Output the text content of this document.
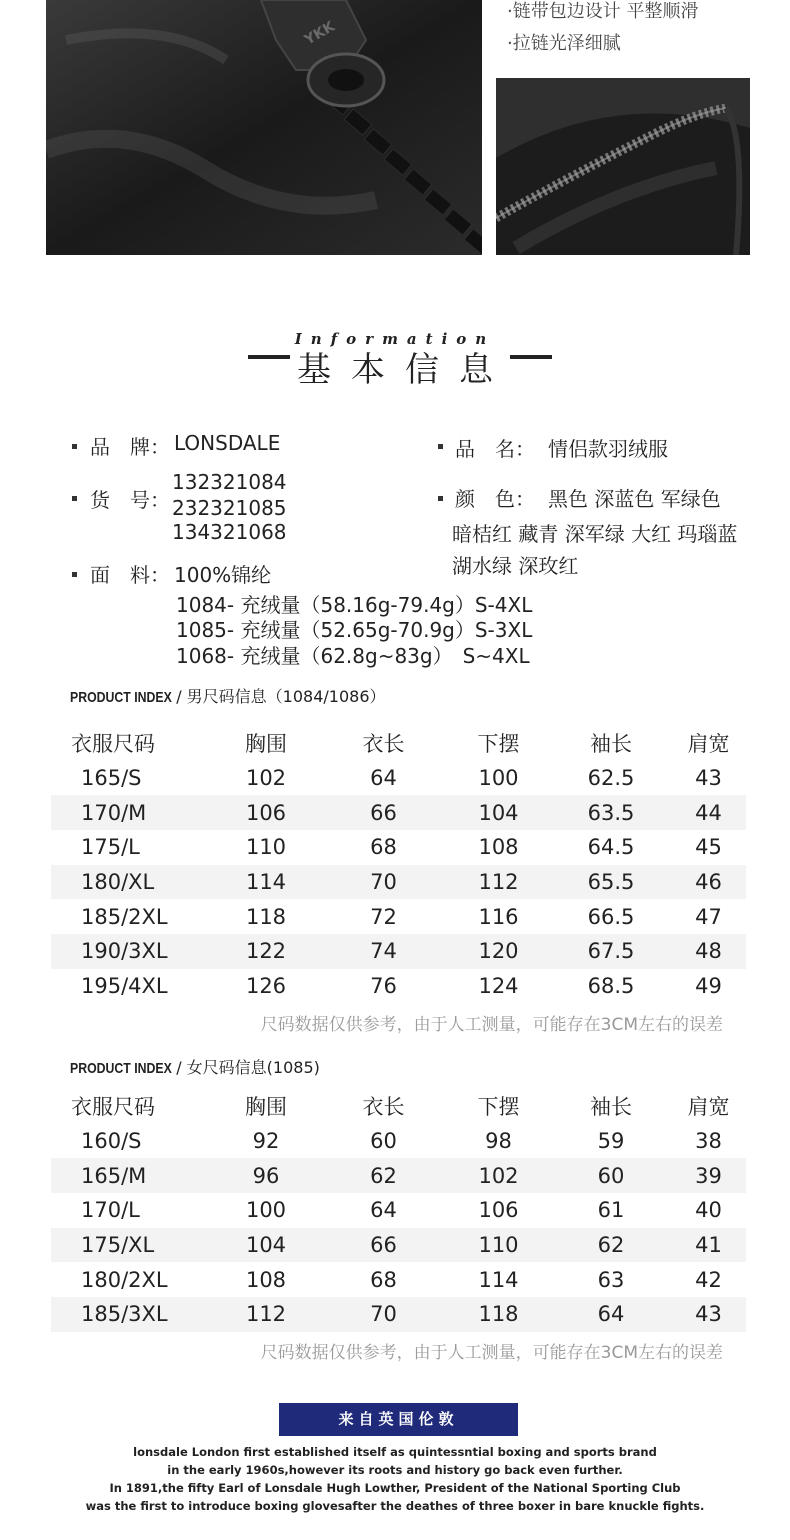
YKK
·链带包边设计 平整顺滑
·拉链光泽细腻
Information
基本信息
品　牌： LONSDALE	品　名： 情侣款羽绒服
货　号：
132321084
232321085
134321068
颜　色： 黑色 深蓝色 军绿色
暗桔红 藏青 深军绿 大红 玛瑙蓝
湖水绿 深玫红
面　料： 100%锦纶
1084- 充绒量（58.16g-79.4g）S-4XL
1085- 充绒量（52.65g-70.9g）S-3XL
1068- 充绒量（62.8g~83g）　S~4XL
PRODUCT INDEX / 男尺码信息（1084/1086）
衣服尺码	胸围	衣长	下摆	袖长	肩宽
165/S	102	64	100	62.5	43
170/M	106	66	104	63.5	44
175/L	110	68	108	64.5	45
180/XL	114	70	112	65.5	46
185/2XL	118	72	116	66.5	47
190/3XL	122	74	120	67.5	48
195/4XL	126	76	124	68.5	49
尺码数据仅供参考，由于人工测量，可能存在3CM左右的误差
PRODUCT INDEX / 女尺码信息(1085)
衣服尺码	胸围	衣长	下摆	袖长	肩宽
160/S	92	60	98	59	38
165/M	96	62	102	60	39
170/L	100	64	106	61	40
175/XL	104	66	110	62	41
180/2XL	108	68	114	63	42
185/3XL	112	70	118	64	43
尺码数据仅供参考，由于人工测量，可能存在3CM左右的误差
来自英国伦敦
lonsdale London first established itself as quintessntial boxing and sports brand
in the early 1960s,however its roots and history go back even further.
In 1891,the fifty Earl of Lonsdale Hugh Lowther, President of the National Sporting Club
was the first to introduce boxing glovesafter the deathes of three boxer in bare knuckle fights.
